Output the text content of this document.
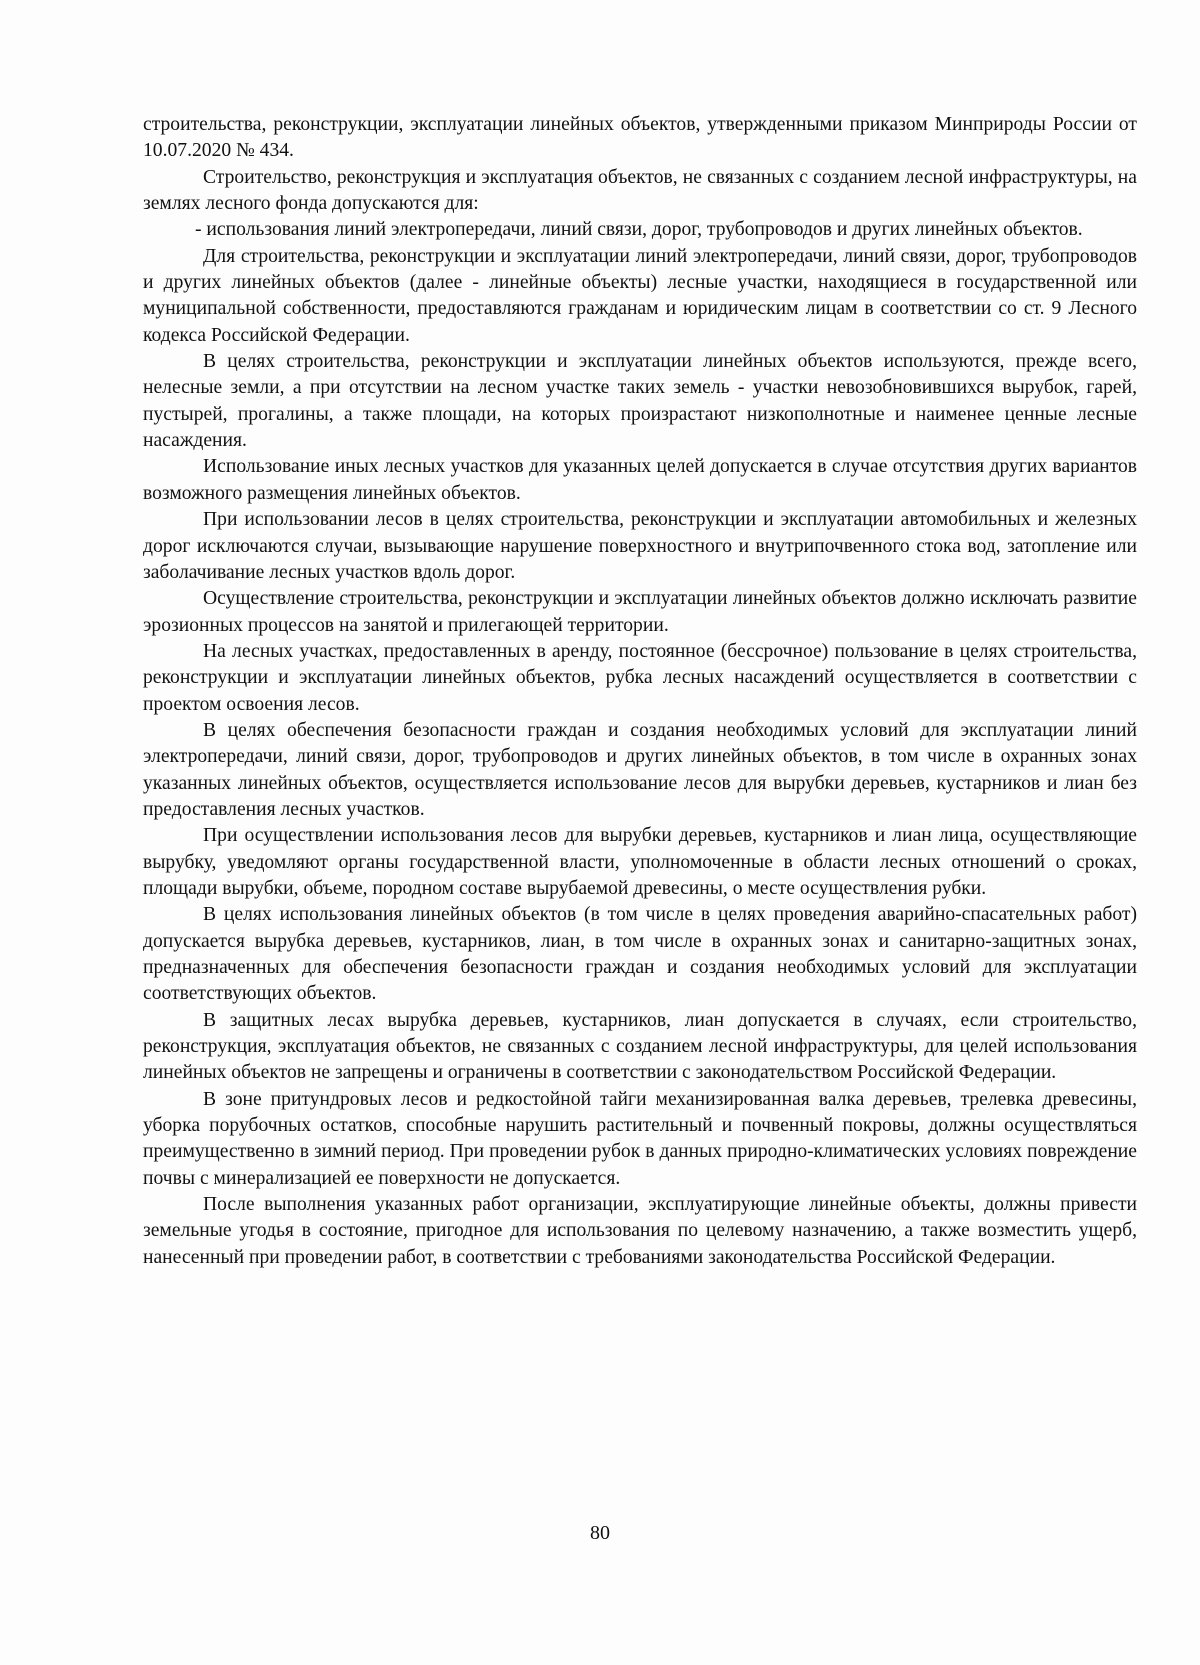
строительства, реконструкции, эксплуатации линейных объектов, утвержденными приказом Минприроды России от 10.07.2020 № 434.

Строительство, реконструкция и эксплуатация объектов, не связанных с созданием лесной инфраструктуры, на землях лесного фонда допускаются для:

- использования линий электропередачи, линий связи, дорог, трубопроводов и других линейных объектов.

Для строительства, реконструкции и эксплуатации линий электропередачи, линий связи, дорог, трубопроводов и других линейных объектов (далее - линейные объекты) лесные участки, находящиеся в государственной или муниципальной собственности, предоставляются гражданам и юридическим лицам в соответствии со ст. 9 Лесного кодекса Российской Федерации.

В целях строительства, реконструкции и эксплуатации линейных объектов используются, прежде всего, нелесные земли, а при отсутствии на лесном участке таких земель - участки невозобновившихся вырубок, гарей, пустырей, прогалины, а также площади, на которых произрастают низкополнотные и наименее ценные лесные насаждения.

Использование иных лесных участков для указанных целей допускается в случае отсутствия других вариантов возможного размещения линейных объектов.

При использовании лесов в целях строительства, реконструкции и эксплуатации автомобильных и железных дорог исключаются случаи, вызывающие нарушение поверхностного и внутрипочвенного стока вод, затопление или заболачивание лесных участков вдоль дорог.

Осуществление строительства, реконструкции и эксплуатации линейных объектов должно исключать развитие эрозионных процессов на занятой и прилегающей территории.

На лесных участках, предоставленных в аренду, постоянное (бессрочное) пользование в целях строительства, реконструкции и эксплуатации линейных объектов, рубка лесных насаждений осуществляется в соответствии с проектом освоения лесов.

В целях обеспечения безопасности граждан и создания необходимых условий для эксплуатации линий электропередачи, линий связи, дорог, трубопроводов и других линейных объектов, в том числе в охранных зонах указанных линейных объектов, осуществляется использование лесов для вырубки деревьев, кустарников и лиан без предоставления лесных участков.

При осуществлении использования лесов для вырубки деревьев, кустарников и лиан лица, осуществляющие вырубку, уведомляют органы государственной власти, уполномоченные в области лесных отношений о сроках, площади вырубки, объеме, породном составе вырубаемой древесины, о месте осуществления рубки.

В целях использования линейных объектов (в том числе в целях проведения аварийно-спасательных работ) допускается вырубка деревьев, кустарников, лиан, в том числе в охранных зонах и санитарно-защитных зонах, предназначенных для обеспечения безопасности граждан и создания необходимых условий для эксплуатации соответствующих объектов.

В защитных лесах вырубка деревьев, кустарников, лиан допускается в случаях, если строительство, реконструкция, эксплуатация объектов, не связанных с созданием лесной инфраструктуры, для целей использования линейных объектов не запрещены и ограничены в соответствии с законодательством Российской Федерации.

В зоне притундровых лесов и редкостойной тайги механизированная валка деревьев, трелевка древесины, уборка порубочных остатков, способные нарушить растительный и почвенный покровы, должны осуществляться преимущественно в зимний период. При проведении рубок в данных природно-климатических условиях повреждение почвы с минерализацией ее поверхности не допускается.

После выполнения указанных работ организации, эксплуатирующие линейные объекты, должны привести земельные угодья в состояние, пригодное для использования по целевому назначению, а также возместить ущерб, нанесенный при проведении работ, в соответствии с требованиями законодательства Российской Федерации.

80
